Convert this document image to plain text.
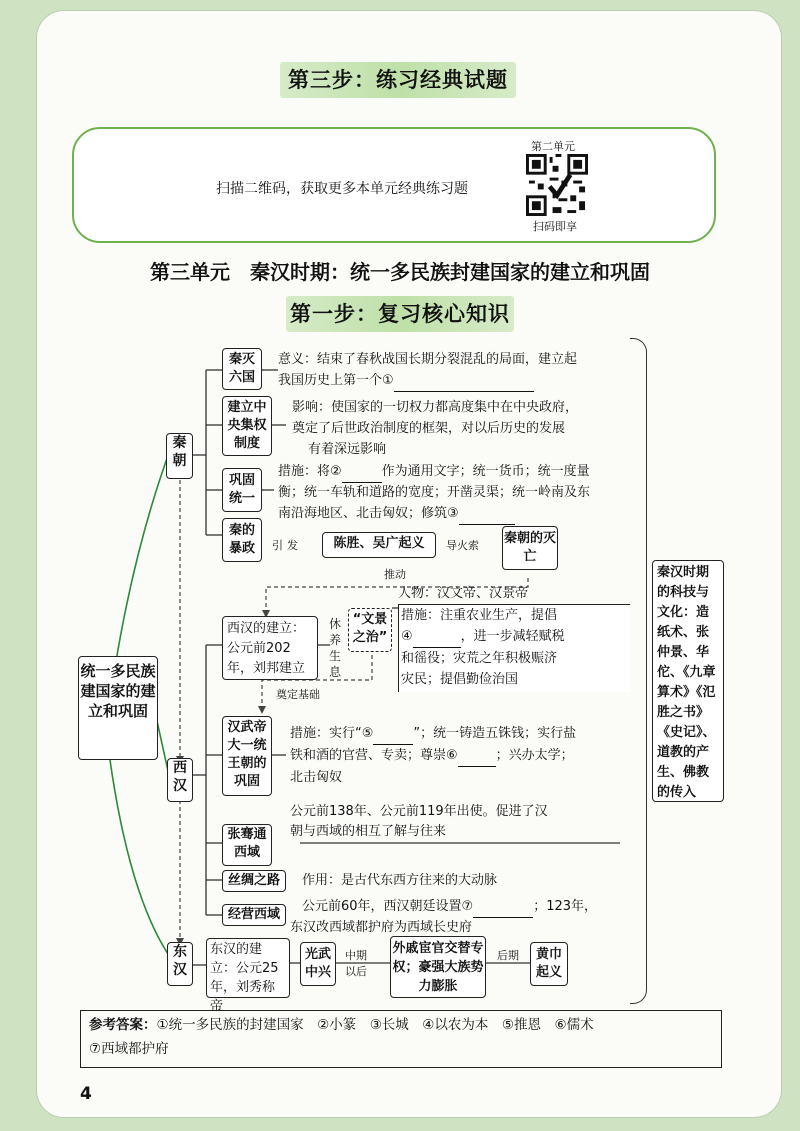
第三步：练习经典试题
扫描二维码，获取更多本单元经典练习题
第二单元
扫码即享
第三单元　秦汉时期：统一多民族封建国家的建立和巩固
第一步：复习核心知识
统一多民族建国家的建立和巩固
秦朝
秦灭六国
意义：结束了春秋战国长期分裂混乱的局面，建立起
我国历史上第一个①
建立中央集权制度
影响：使国家的一切权力都高度集中在中央政府，
奠定了后世政治制度的框架，对以后历史的发展
有着深远影响
巩固统一
措施：将②	作为通用文字；统一货币；统一度量
衡；统一车轨和道路的宽度；开凿灵渠；统一岭南及东
南沿海地区、北击匈奴；修筑③
秦的暴政	引发	陈胜、吴广起义	导火索 秦朝的灭亡
推动
西汉
西汉的建立：公元前202年，刘邦建立
休养生息
“文景之治”
奠定基础
人物：汉文帝、汉景帝
措施：注重农业生产，提倡
④	，进一步减轻赋税
和徭役；灾荒之年积极赈济
灾民；提倡勤俭治国
汉武帝大一统王朝的巩固
措施：实行“⑤	”；统一铸造五铢钱；实行盐
铁和酒的官营、专卖；尊崇⑥	；兴办太学；
北击匈奴
张骞通西域
公元前138年、公元前119年出使。促进了汉
朝与西域的相互了解与往来
丝绸之路	作用：是古代东西方往来的大动脉
经营西域
公元前60年，西汉朝廷设置⑦	；123年，
东汉改西域都护府为西域长史府
东汉
东汉的建立：公元25年，刘秀称帝
光武中兴
中期以后
外戚宦官交替专权；豪强大族势力膨胀
后期	黄巾起义
秦汉时期的科技与文化：造纸术、张仲景、华佗、《九章算术》《氾胜之书》《史记》、道教的产生、佛教的传入
参考答案：①统一多民族的封建国家　②小篆　③长城　④以农为本　⑤推恩　⑥儒术
⑦西域都护府
4
